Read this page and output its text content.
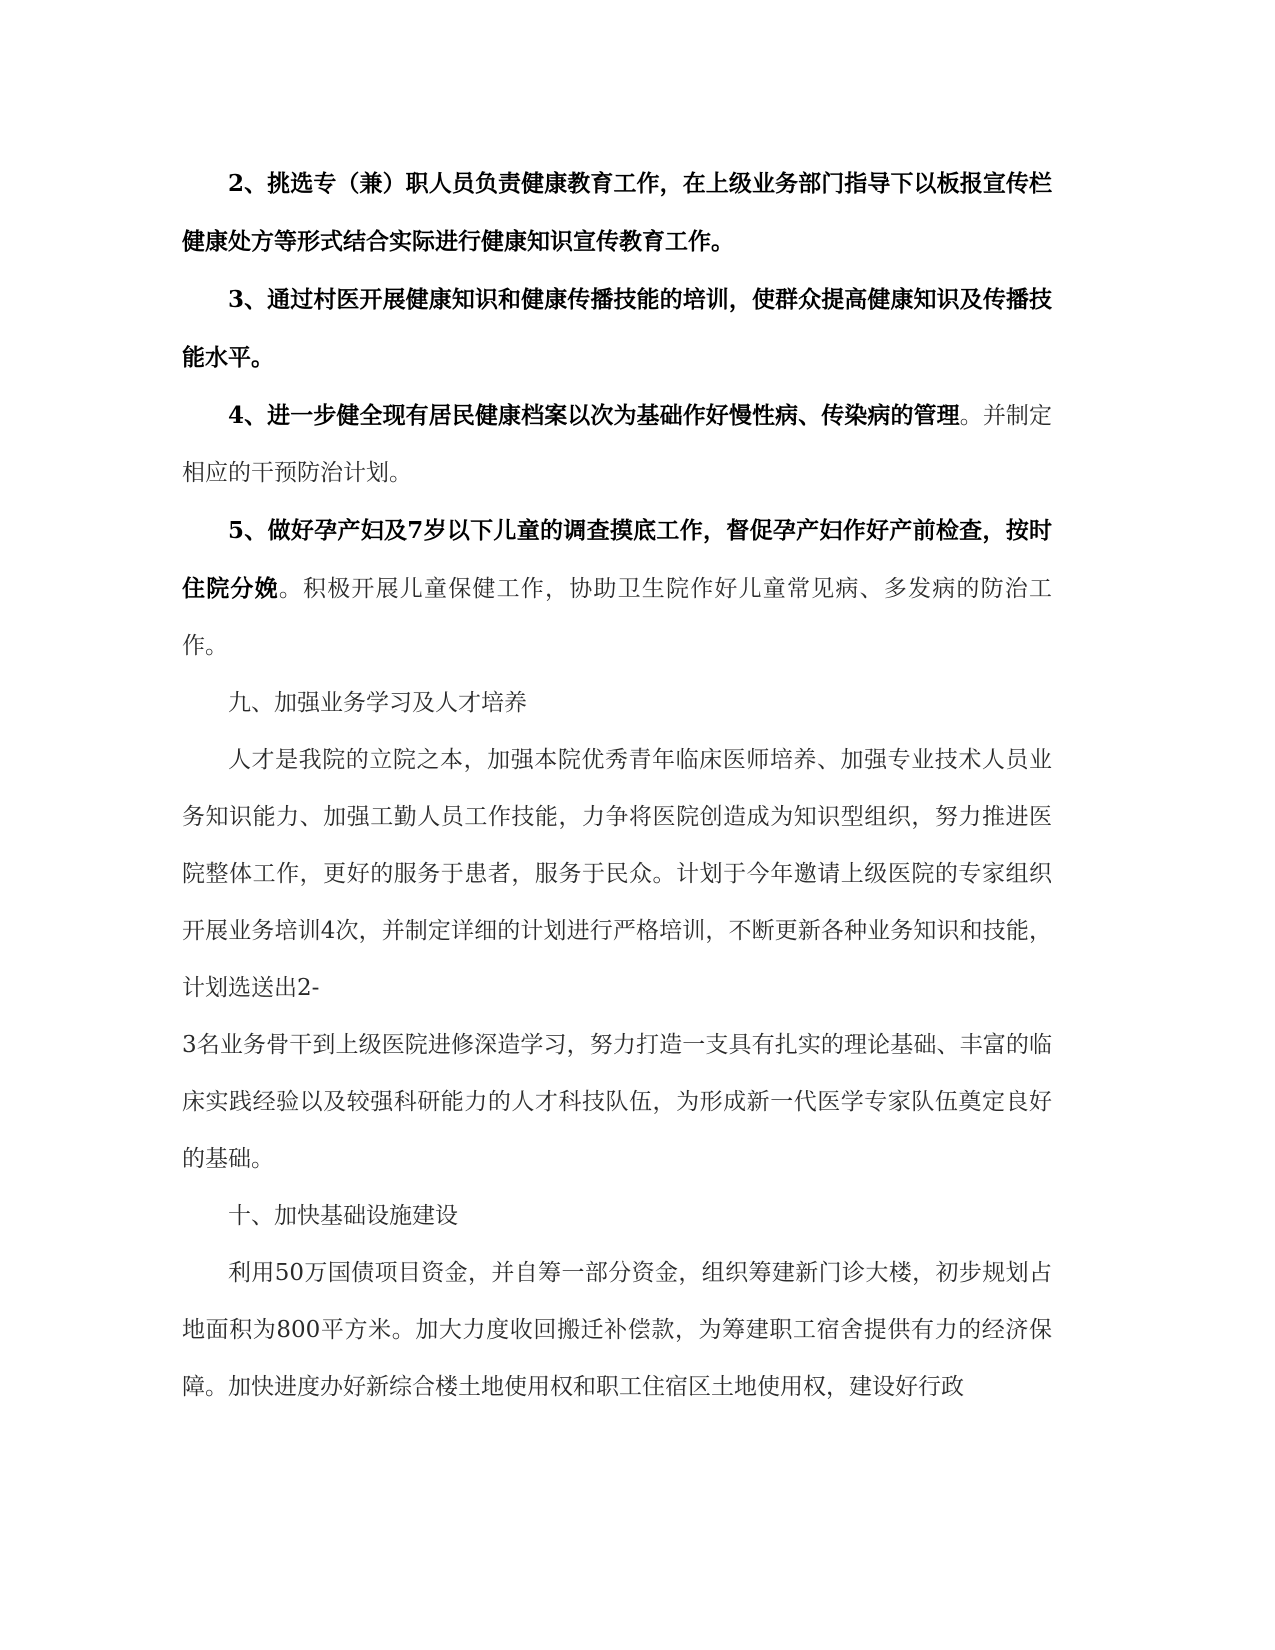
2、挑选专（兼）职人员负责健康教育工作，在上级业务部门指导下以板报宣传栏健康处方等形式结合实际进行健康知识宣传教育工作。

3、通过村医开展健康知识和健康传播技能的培训，使群众提高健康知识及传播技能水平。

4、进一步健全现有居民健康档案以次为基础作好慢性病、传染病的管理。并制定相应的干预防治计划。

5、做好孕产妇及7岁以下儿童的调查摸底工作，督促孕产妇作好产前检查，按时住院分娩。积极开展儿童保健工作，协助卫生院作好儿童常见病、多发病的防治工作。

九、加强业务学习及人才培养

人才是我院的立院之本，加强本院优秀青年临床医师培养、加强专业技术人员业务知识能力、加强工勤人员工作技能，力争将医院创造成为知识型组织，努力推进医院整体工作，更好的服务于患者，服务于民众。计划于今年邀请上级医院的专家组织开展业务培训4次，并制定详细的计划进行严格培训，不断更新各种业务知识和技能，计划选送出2-

3名业务骨干到上级医院进修深造学习，努力打造一支具有扎实的理论基础、丰富的临床实践经验以及较强科研能力的人才科技队伍，为形成新一代医学专家队伍奠定良好的基础。

十、加快基础设施建设

利用50万国债项目资金，并自筹一部分资金，组织筹建新门诊大楼，初步规划占地面积为800平方米。加大力度收回搬迁补偿款，为筹建职工宿舍提供有力的经济保障。加快进度办好新综合楼土地使用权和职工住宿区土地使用权，建设好行政
